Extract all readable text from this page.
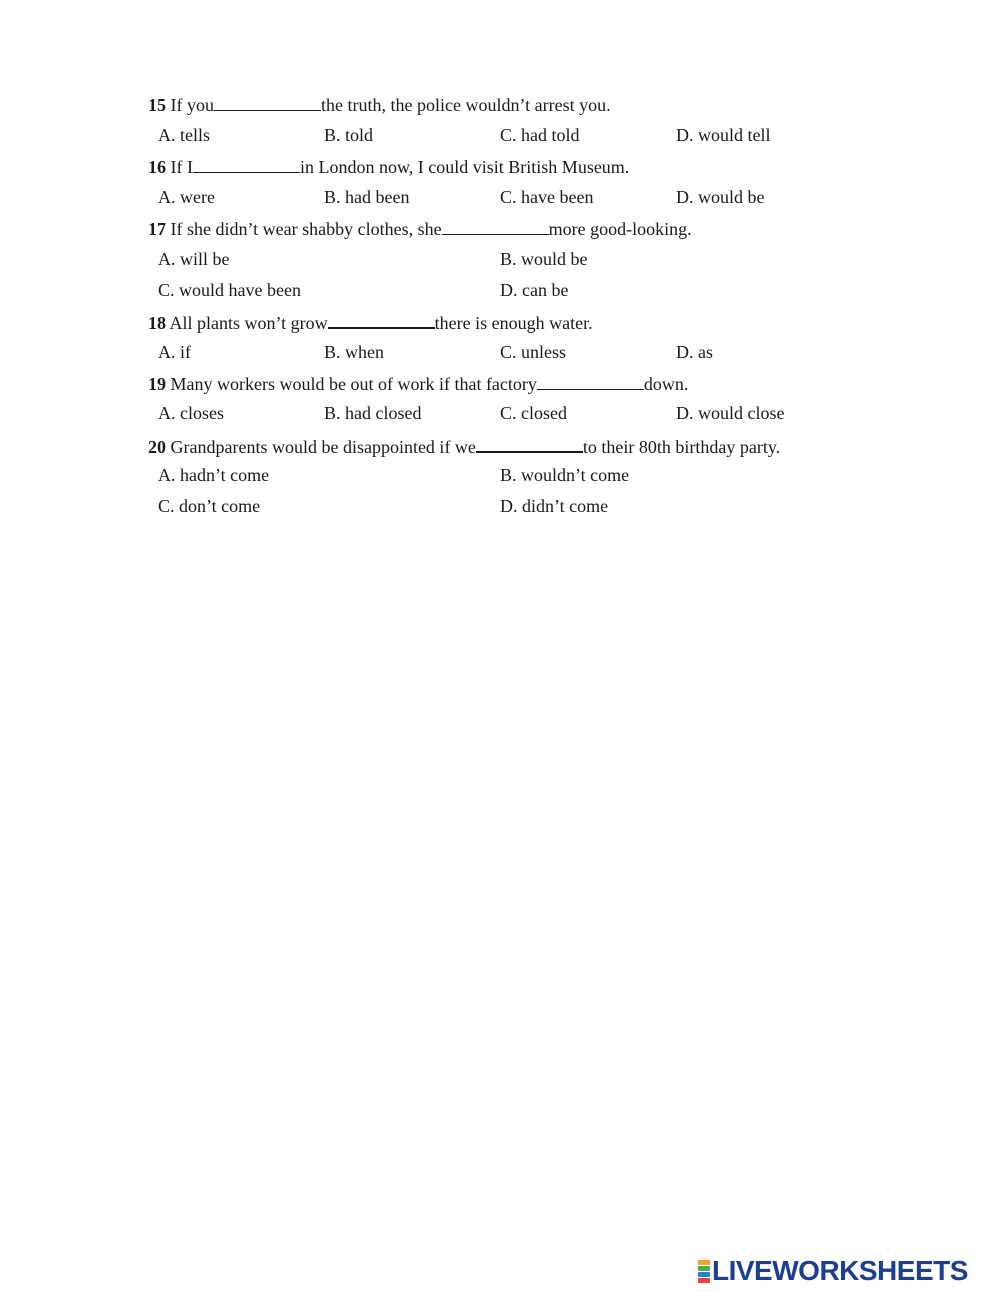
15 If you	the truth, the police wouldn’t arrest you.
A. tells	B. told	C. had told	D. would tell
16 If I	in London now, I could visit British Museum.
A. were	B. had been	C. have been	D. would be
17 If she didn’t wear shabby clothes, she	more good-looking.
A. will be	B. would be
C. would have been	D. can be
18 All plants won’t grow	there is enough water.
A. if	B. when	C. unless	D. as
19 Many workers would be out of work if that factory	down.
A. closes	B. had closed	C. closed	D. would close
20 Grandparents would be disappointed if we	to their 80th birthday party.
A. hadn’t come	B. wouldn’t come
C. don’t come	D. didn’t come
LIVEWORKSHEETS
